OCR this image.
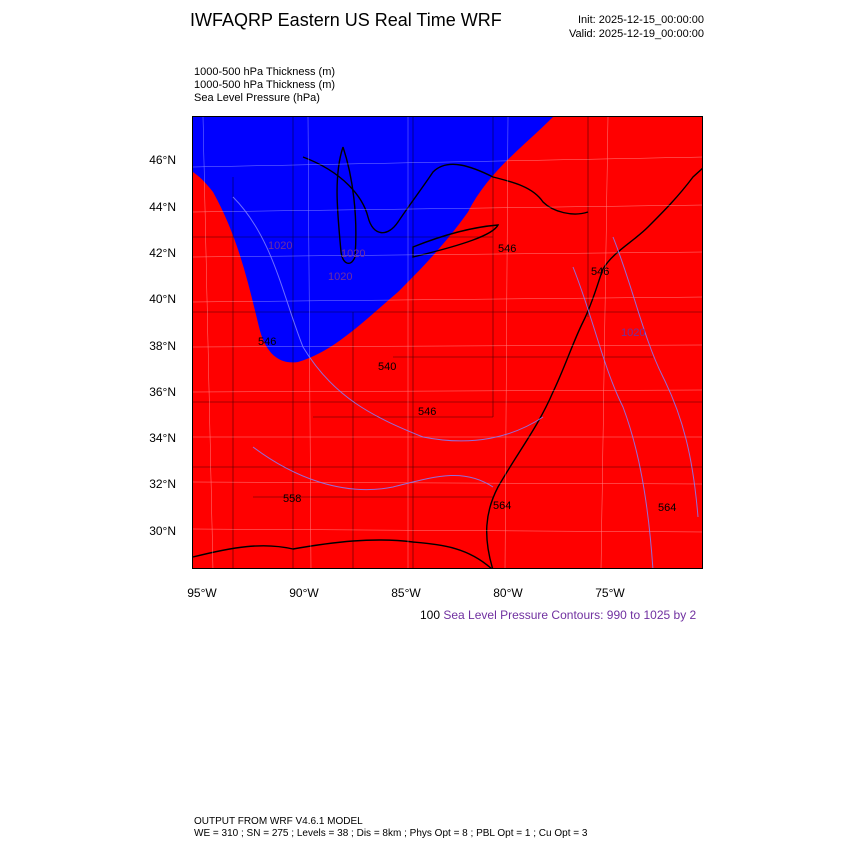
IWFAQRP Eastern US Real Time WRF	Init: 2025-12-15_00:00:00
Valid: 2025-12-19_00:00:00
1000-500 hPa Thickness (m)
1000-500 hPa Thickness (m)
Sea Level Pressure (hPa)
1020
1020
1020
1020
546
540
546
546
546
564	564
558
46°N
44°N
42°N
40°N
38°N
36°N
34°N
32°N
30°N
95°W	90°W	85°W	80°W	75°W
100 Sea Level Pressure Contours: 990 to 1025 by 2
OUTPUT FROM WRF V4.6.1 MODEL
WE = 310 ; SN = 275 ; Levels = 38 ; Dis = 8km ; Phys Opt = 8 ; PBL Opt = 1 ; Cu Opt = 3
